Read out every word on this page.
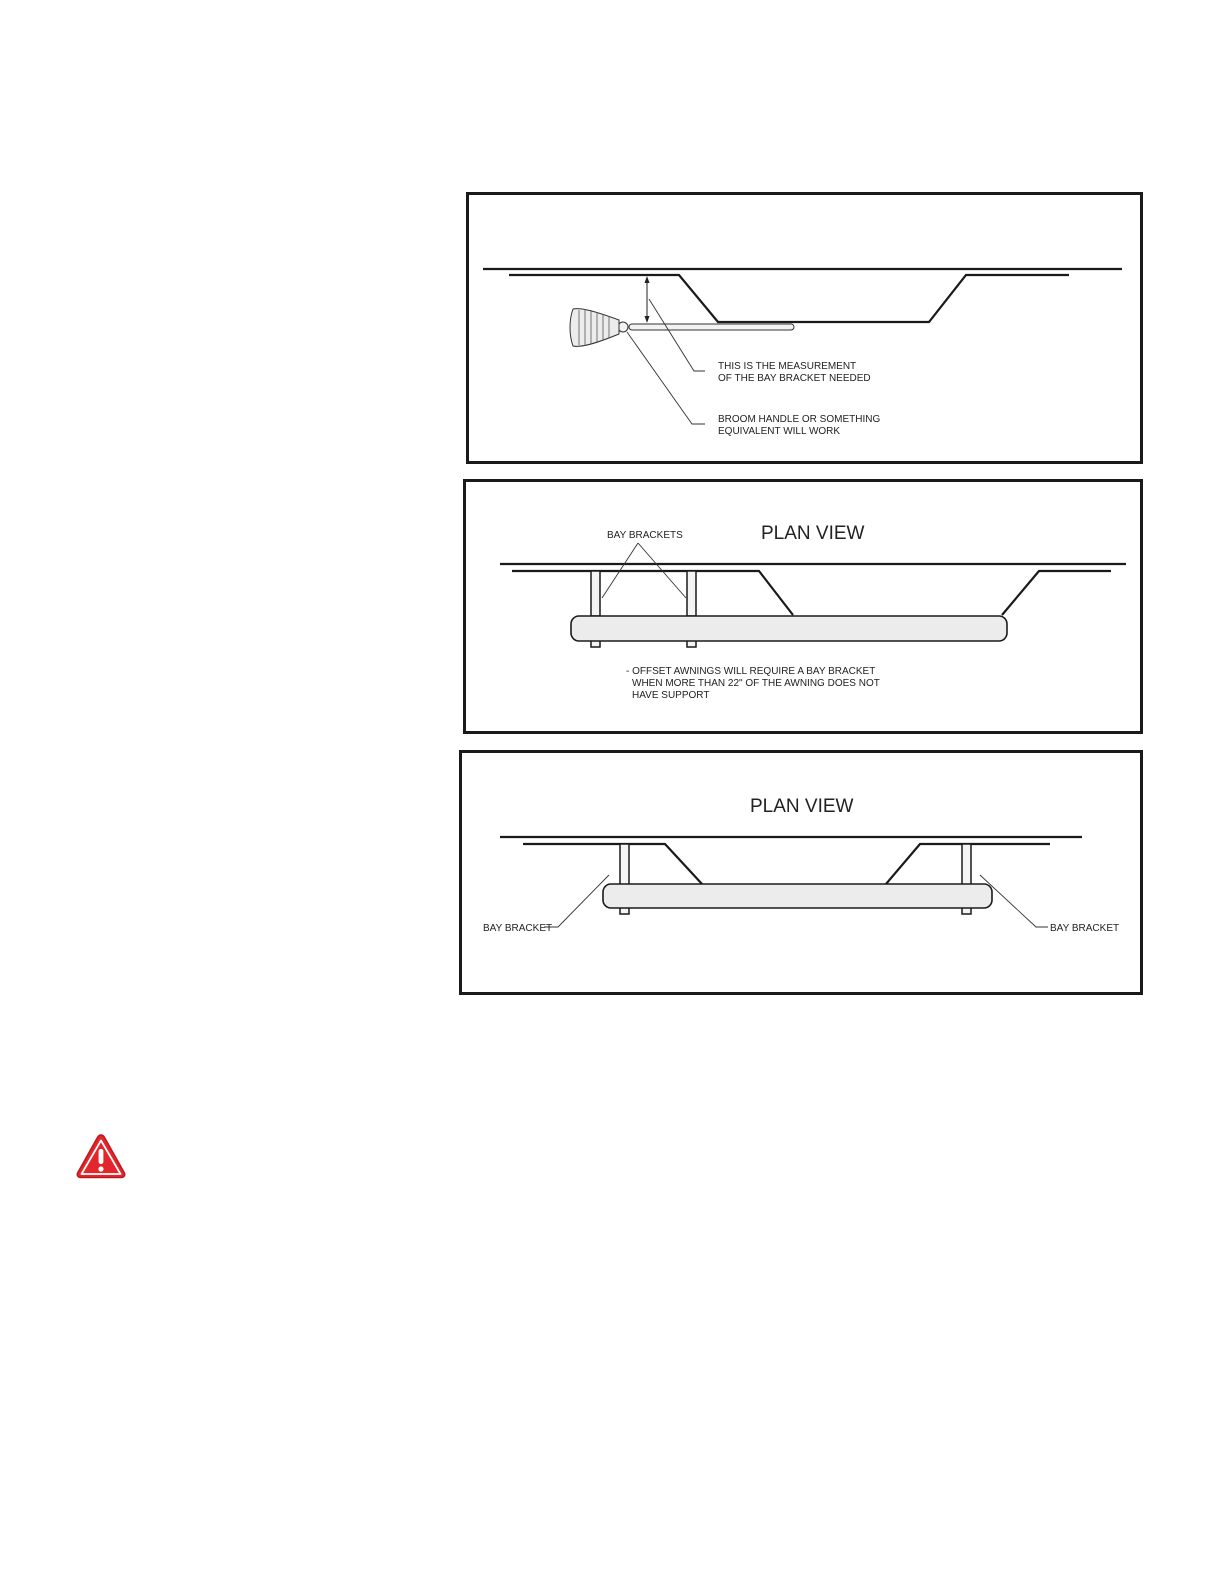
THIS IS THE MEASUREMENT
OF THE BAY BRACKET NEEDED
BROOM HANDLE OR SOMETHING
EQUIVALENT WILL WORK
PLAN VIEW
BAY BRACKETS
- OFFSET AWNINGS WILL REQUIRE A BAY BRACKET
WHEN MORE THAN 22" OF THE AWNING DOES NOT
HAVE SUPPORT
PLAN VIEW
BAY BRACKET	BAY BRACKET
